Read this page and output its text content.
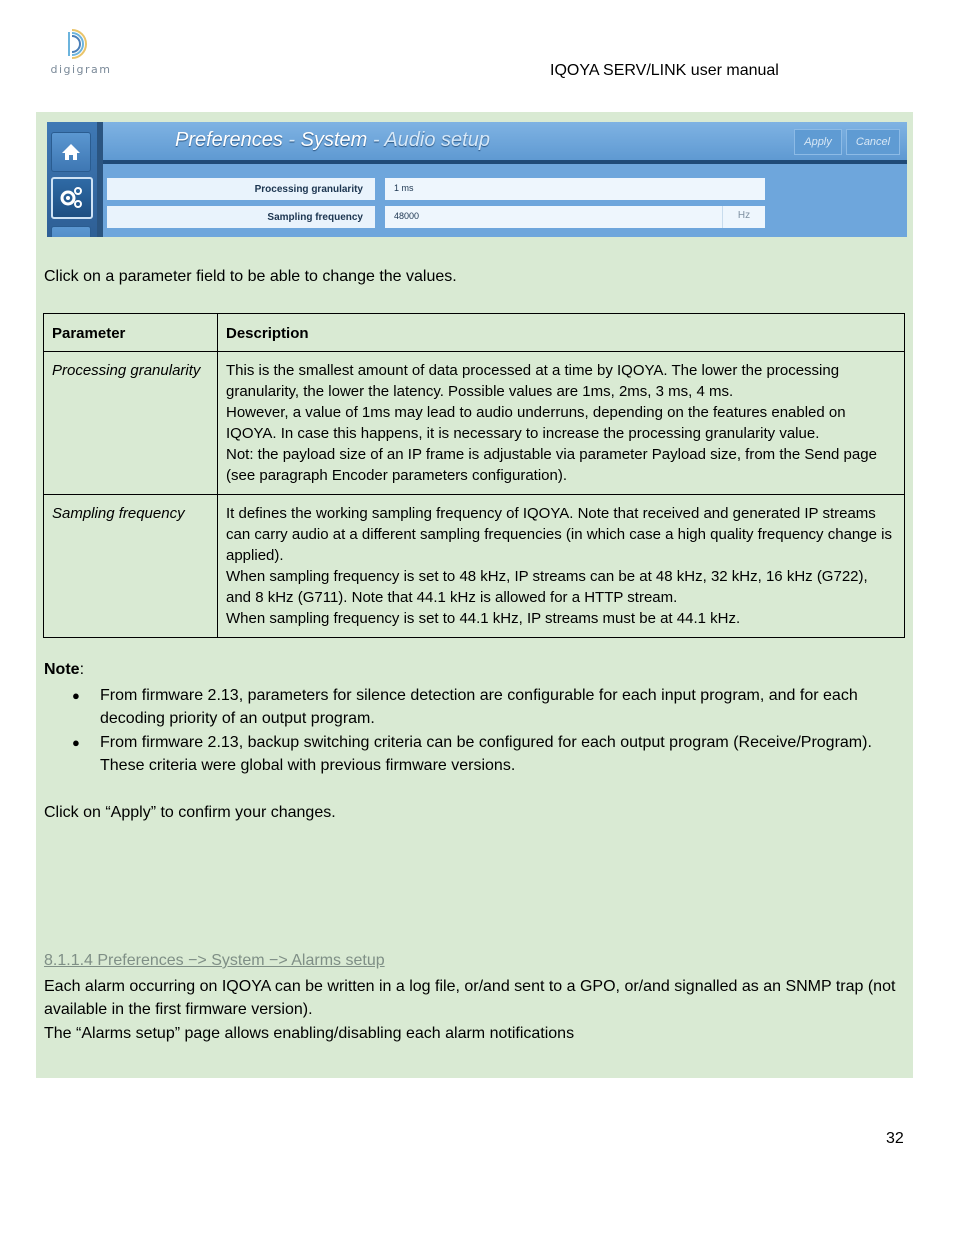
digigram	IQOYA SERV/LINK user manual
Preferences - System - Audio setup	Apply	Cancel
Processing granularity	1 ms
Sampling frequency	48000	Hz
Click on a parameter field to be able to change the values.
Parameter	Description
Processing granularity	This is the smallest amount of data processed at a time by IQOYA. The lower the processing granularity, the lower the latency. Possible values are 1ms, 2ms, 3 ms, 4 ms.
However, a value of 1ms may lead to audio underruns, depending on the features enabled on IQOYA. In case this happens, it is necessary to increase the processing granularity value.
Not: the payload size of an IP frame is adjustable via parameter Payload size, from the Send page (see paragraph Encoder parameters configuration).

Sampling frequency	It defines the working sampling frequency of IQOYA. Note that received and generated IP streams can carry audio at a different sampling frequencies (in which case a high quality frequency change is applied).
When sampling frequency is set to 48 kHz, IP streams can be at 48 kHz, 32 kHz, 16 kHz (G722), and 8 kHz (G711). Note that 44.1 kHz is allowed for a HTTP stream.
When sampling frequency is set to 44.1 kHz, IP streams must be at 44.1 kHz.
Note:
● From firmware 2.13, parameters for silence detection are configurable for each input program, and for each decoding priority of an output program.
● From firmware 2.13, backup switching criteria can be configured for each output program (Receive/Program). These criteria were global with previous firmware versions.
Click on “Apply” to confirm your changes.
8.1.1.4 Preferences −> System −> Alarms setup
Each alarm occurring on IQOYA can be written in a log file, or/and sent to a GPO, or/and signalled as an SNMP trap (not available in the first firmware version).
The “Alarms setup” page allows enabling/disabling each alarm notifications
32
